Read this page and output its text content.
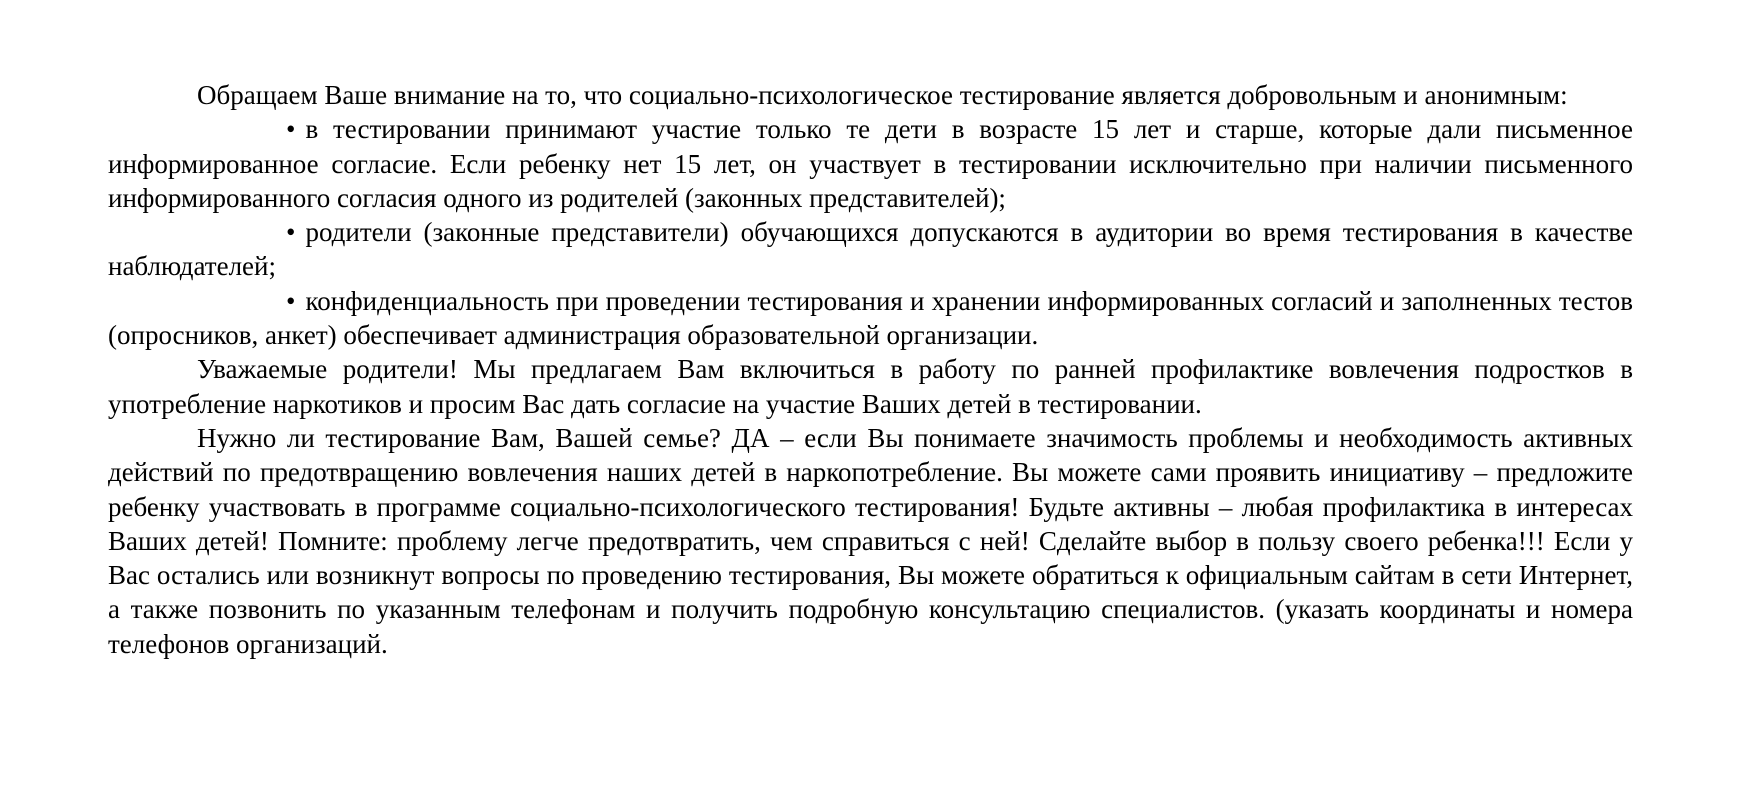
Обращаем Ваше внимание на то, что социально-психологическое тестирование является добровольным и анонимным:

• в тестировании принимают участие только те дети в возрасте 15 лет и старше, которые дали письменное информированное согласие. Если ребенку нет 15 лет, он участвует в тестировании исключительно при наличии письменного информированного согласия одного из родителей (законных представителей);

• родители (законные представители) обучающихся допускаются в аудитории во время тестирования в качестве наблюдателей;

• конфиденциальность при проведении тестирования и хранении информированных согласий и заполненных тестов (опросников, анкет) обеспечивает администрация образовательной организации.

Уважаемые родители! Мы предлагаем Вам включиться в работу по ранней профилактике вовлечения подростков в употребление наркотиков и просим Вас дать согласие на участие Ваших детей в тестировании.

Нужно ли тестирование Вам, Вашей семье? ДА – если Вы понимаете значимость проблемы и необходимость активных действий по предотвращению вовлечения наших детей в наркопотребление. Вы можете сами проявить инициативу – предложите ребенку участвовать в программе социально-психологического тестирования! Будьте активны – любая профилактика в интересах Ваших детей! Помните: проблему легче предотвратить, чем справиться с ней! Сделайте выбор в пользу своего ребенка!!! Если у Вас остались или возникнут вопросы по проведению тестирования, Вы можете обратиться к официальным сайтам в сети Интернет, а также позвонить по указанным телефонам и получить подробную консультацию специалистов. (указать координаты и номера телефонов организаций.
